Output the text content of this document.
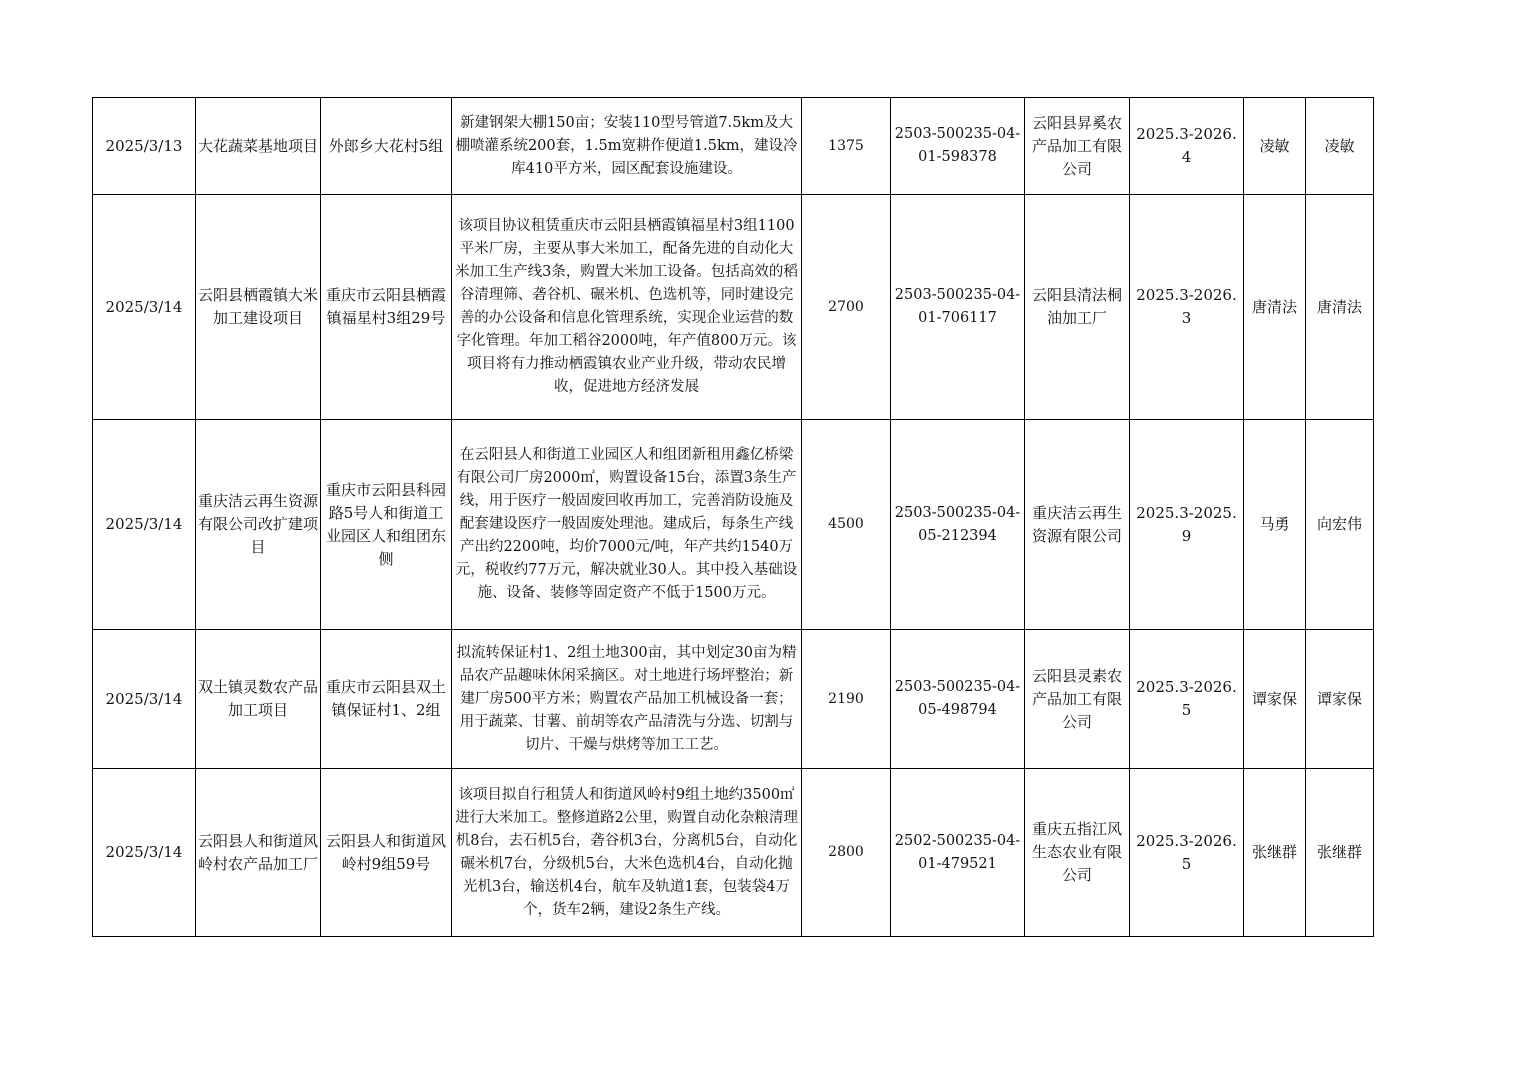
2025/3/13	大花蔬菜基地项目	外郎乡大花村5组	新建钢架大棚150亩；安装110型号管道7.5km及大棚喷灌系统200套，1.5m宽耕作便道1.5km，建设冷库410平方米，园区配套设施建设。	1375	2503-500235-04-01-598378	云阳县昇奚农产品加工有限公司	2025.3-2026.4	凌敏	凌敏
2025/3/14	云阳县栖霞镇大米加工建设项目	重庆市云阳县栖霞镇福星村3组29号	该项目协议租赁重庆市云阳县栖霞镇福星村3组1100平米厂房，主要从事大米加工，配备先进的自动化大米加工生产线3条，购置大米加工设备。包括高效的稻谷清理筛、砻谷机、碾米机、色选机等，同时建设完善的办公设备和信息化管理系统，实现企业运营的数字化管理。年加工稻谷2000吨，年产值800万元。该项目将有力推动栖霞镇农业产业升级，带动农民增收，促进地方经济发展	2700	2503-500235-04-01-706117	云阳县清法桐油加工厂	2025.3-2026.3	唐清法	唐清法
2025/3/14	重庆洁云再生资源有限公司改扩建项目	重庆市云阳县科园路5号人和街道工业园区人和组团东侧	在云阳县人和街道工业园区人和组团新租用鑫亿桥梁有限公司厂房2000㎡，购置设备15台，添置3条生产线，用于医疗一般固废回收再加工，完善消防设施及配套建设医疗一般固废处理池。建成后，每条生产线产出约2200吨，均价7000元/吨，年产共约1540万元，税收约77万元，解决就业30人。其中投入基础设施、设备、装修等固定资产不低于1500万元。	4500	2503-500235-04-05-212394	重庆洁云再生资源有限公司	2025.3-2025.9	马勇	向宏伟
2025/3/14	双土镇灵数农产品加工项目	重庆市云阳县双土镇保证村1、2组	拟流转保证村1、2组土地300亩，其中划定30亩为精品农产品趣味休闲采摘区。对土地进行场坪整治；新建厂房500平方米；购置农产品加工机械设备一套；用于蔬菜、甘薯、前胡等农产品清洗与分选、切割与切片、干燥与烘烤等加工工艺。	2190	2503-500235-04-05-498794	云阳县灵素农产品加工有限公司	2025.3-2026.5	谭家保	谭家保
2025/3/14	云阳县人和街道风岭村农产品加工厂	云阳县人和街道风岭村9组59号	该项目拟自行租赁人和街道风岭村9组土地约3500㎡进行大米加工。整修道路2公里，购置自动化杂粮清理机8台，去石机5台，砻谷机3台，分离机5台，自动化碾米机7台，分级机5台，大米色选机4台，自动化抛光机3台，输送机4台，航车及轨道1套，包装袋4万个，货车2辆，建设2条生产线。	2800	2502-500235-04-01-479521	重庆五指江风生态农业有限公司	2025.3-2026.5	张继群	张继群
